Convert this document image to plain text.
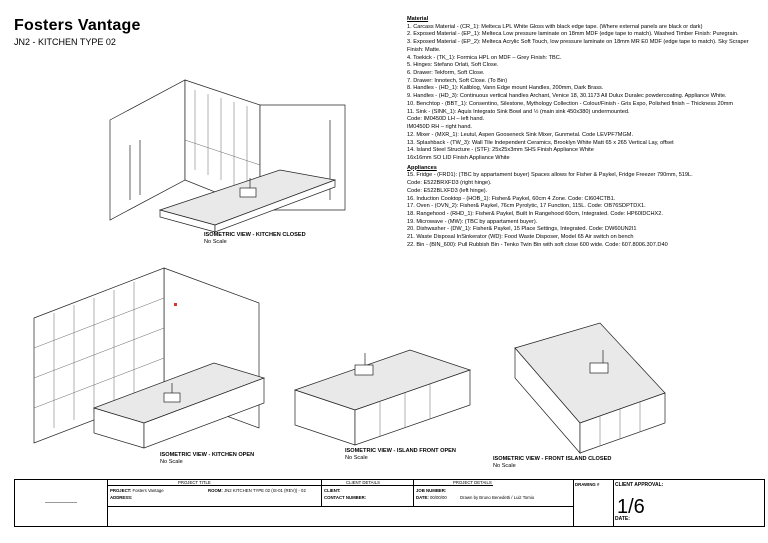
Fosters Vantage
JN2 - KITCHEN TYPE 02

Material

1. Carcass Material - (CR_1): Melteca LPL White Gloss with black edge tape. (Where external panels are black or dark)

2. Exposed Material - (EP_1): Melteca Low pressure laminate on 18mm MDF (edge tape to match). Washed Timber Finish: Puregrain.

3. Exposed Material - (EP_2): Melteca Acrylic Soft Touch, low pressure laminate on 18mm MR E0 MDF (edge tape to match). Sky Scraper Finish: Matte.

4. Toekick - (TK_1): Formica HPL on MDF – Grey Finish: TBC.

5. Hinges: Stefano Orlati, Soft Close.

6. Drawer: Tekform, Soft Close.

7. Drawer: Innotech, Soft Close. (To Bin)

8. Handles - (HD_1): Kaliblog, Vann Edge mount Handles, 200mm, Dark Brass.

9. Handles - (HD_3): Continuous vertical handles Archant, Venice 18, 30.1173 All Dulux Duralec powdercoating. Appliance White.

10. Benchtop - (BBT_1): Consentino, Silestone, Mythology Collection - Colour/Finish - Gris Expo, Polished finish – Thickness 20mm

11. Sink - (SINK_1): Aquis Integrato Sink Bowl and ½ (main sink 450x380) undermounted.

Code: IM0450D LH – left hand.

IM0450D RH – right hand.

12. Mixer - (MXR_1): Leutul, Aspen Gooseneck Sink Mixer, Gunmetal. Code LEVPF7MGM.

13. Splashback - (TW_3): Wall Tile Independent Ceramics, Brooklyn White Matt 65 x 265 Vertical Lay, offset

14. Island Steel Structure - (STF): 25x25x3mm SHS Finish Appliance White

16x16mm SO LID Finish Appliance White

Appliances

15. Fridge - (FRD1): (TBC by appartament buyer) Spaces allows for Fisher & Paykel, Fridge Freezer 790mm, 519L.

Code: E522BRXFD3 (right hinge).

Code: E522BLXFD3 (left hinge).

16. Induction Cooktop - (HOB_1): Fisher& Paykel, 60cm 4 Zone. Code: CI604CTB1.

17. Oven - (OVN_2): Fisher& Paykel, 76cm Pyrolytic, 17 Function, 115L. Code: OB76SDPTDX1.

18. Rangehood - (RHD_1): Fisher& Paykel, Built In Rangehood 60cm, Integrated. Code: HP60IDCHX2.

19. Microwave - (MW): (TBC by appartament buyer).

20. Dishwasher - (DW_1): Fisher& Paykel, 15 Place Settings, Integrated. Code: DW60UN2I1

21. Waste Disposal InSinkerator (WD): Food Waste Disposer, Model 65 Air switch on bench

22. Bin - (BIN_600): Pull Rubbish Bin - Tenko Twin Bin with soft close 600 wide. Code: 607.8006.307.D40

ISOMETRIC VIEW - KITCHEN CLOSED
No Scale
ISOMETRIC VIEW - KITCHEN OPEN
No Scale
ISOMETRIC VIEW - ISLAND FRONT OPEN
No Scale	ISOMETRIC VIEW - FRONT ISLAND CLOSED
No Scale
PROJECT TITLE
PROJECT: Fosters Vantage	ROOM: JN2 KITCHEN TYPE 02 (IS-01 (REV)) - 02
ADDRESS:
CLIENT DETAILS
CLIENT:
CONTACT NUMBER:
PROJECT DETAILS
JOB NUMBER:
DATE: 00/00/00	Drawn by Bruno Benedetti / Luiz Tomio
DRAWING #	CLIENT APPROVAL:
DATE:
1/6
